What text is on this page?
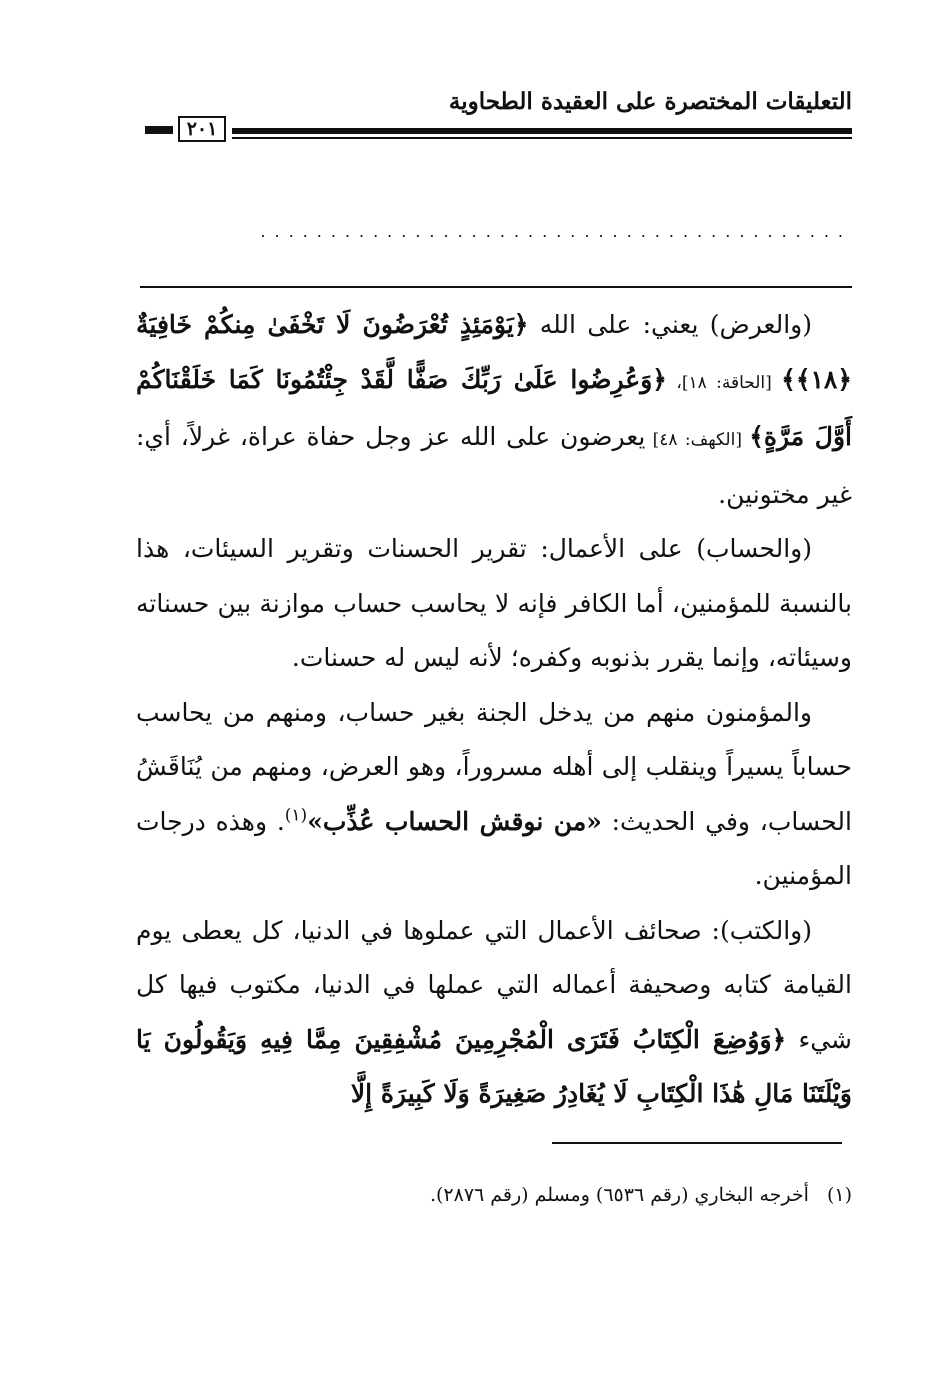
التعليقات المختصرة على العقيدة الطحاوية
٢٠١
..........................................

(والعرض) يعني: على الله ﴿يَوْمَئِذٍ تُعْرَضُونَ لَا تَخْفَىٰ مِنكُمْ خَافِيَةٌ ﴿١٨﴾﴾ [الحاقة: ١٨]، ﴿وَعُرِضُوا عَلَىٰ رَبِّكَ صَفًّا لَّقَدْ جِئْتُمُونَا كَمَا خَلَقْنَاكُمْ أَوَّلَ مَرَّةٍ﴾ [الكهف: ٤٨] يعرضون على الله عز وجل حفاة عراة، غرلاً، أي: غير مختونين.

(والحساب) على الأعمال: تقرير الحسنات وتقرير السيئات، هذا بالنسبة للمؤمنين، أما الكافر فإنه لا يحاسب حساب موازنة بين حسناته وسيئاته، وإنما يقرر بذنوبه وكفره؛ لأنه ليس له حسنات.

والمؤمنون منهم من يدخل الجنة بغير حساب، ومنهم من يحاسب حساباً يسيراً وينقلب إلى أهله مسروراً، وهو العرض، ومنهم من يُنَاقَشُ الحساب، وفي الحديث: «من نوقش الحساب عُذِّب»$^{(١)}$. وهذه درجات المؤمنين.

(والكتب): صحائف الأعمال التي عملوها في الدنيا، كل يعطى يوم القيامة كتابه وصحيفة أعماله التي عملها في الدنيا، مكتوب فيها كل شيء ﴿وَوُضِعَ الْكِتَابُ فَتَرَى الْمُجْرِمِينَ مُشْفِقِينَ مِمَّا فِيهِ وَيَقُولُونَ يَا وَيْلَتَنَا مَالِ هَٰذَا الْكِتَابِ لَا يُغَادِرُ صَغِيرَةً وَلَا كَبِيرَةً إِلَّا

(١)أخرجه البخاري (رقم ٦٥٣٦) ومسلم (رقم ٢٨٧٦).
